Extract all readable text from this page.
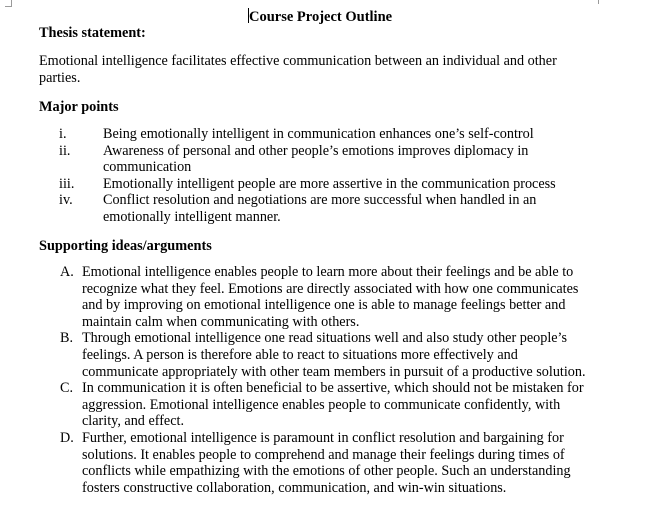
Course Project Outline
Thesis statement:
Emotional intelligence facilitates effective communication between an individual and other parties.
Major points
i.	Being emotionally intelligent in communication enhances one’s self-control
ii. Awareness of personal and other people’s emotions improves diplomacy in communication
iii. Emotionally intelligent people are more assertive in the communication process
iv. Conflict resolution and negotiations are more successful when handled in an emotionally intelligent manner.
Supporting ideas/arguments
A. Emotional intelligence enables people to learn more about their feelings and be able to recognize what they feel. Emotions are directly associated with how one communicates and by improving on emotional intelligence one is able to manage feelings better and maintain calm when communicating with others.
B. Through emotional intelligence one read situations well and also study other people’s feelings. A person is therefore able to react to situations more effectively and communicate appropriately with other team members in pursuit of a productive solution.
C. In communication it is often beneficial to be assertive, which should not be mistaken for aggression. Emotional intelligence enables people to communicate confidently, with clarity, and effect.
D. Further, emotional intelligence is paramount in conflict resolution and bargaining for solutions. It enables people to comprehend and manage their feelings during times of conflicts while empathizing with the emotions of other people. Such an understanding fosters constructive collaboration, communication, and win-win situations.
